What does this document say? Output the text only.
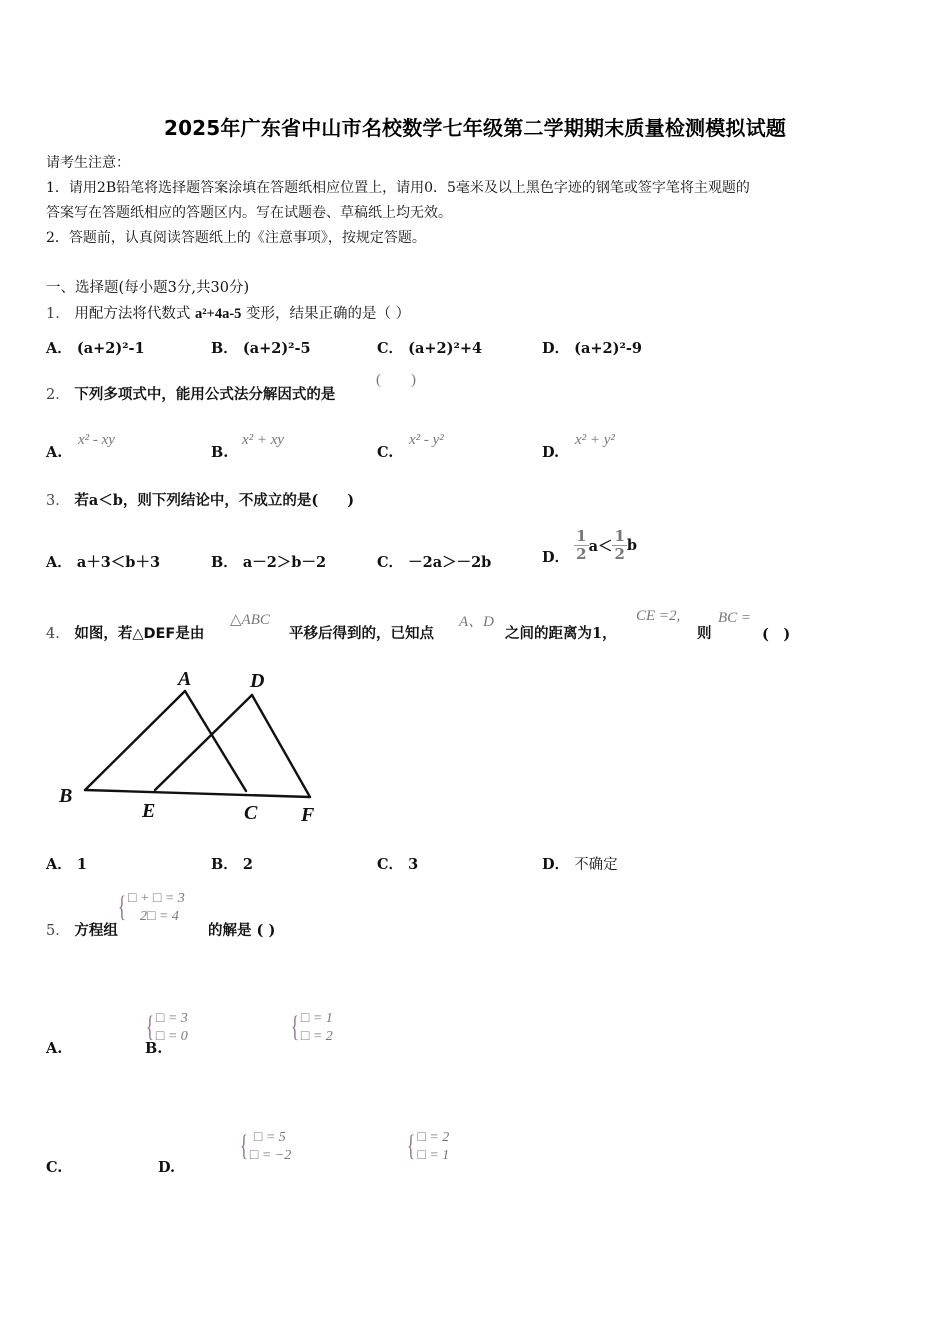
2025年广东省中山市名校数学七年级第二学期期末质量检测模拟试题
请考生注意：
1．请用2B铅笔将选择题答案涂填在答题纸相应位置上，请用0．5毫米及以上黑色字迹的钢笔或签字笔将主观题的
答案写在答题纸相应的答题区内。写在试题卷、草稿纸上均无效。
2．答题前，认真阅读答题纸上的《注意事项》，按规定答题。
一、选择题(每小题3分,共30分)
1． 用配方法将代数式 a²+4a-5 变形，结果正确的是（ ）
A． (a+2)²-1	B． (a+2)²-5	C． (a+2)²+4	D． (a+2)²-9
2． 下列多项式中，能用公式法分解因式的是
(　　)
A.
x² - xy
B.
x² + xy
C.
x² - y²
D.
x² + y²
3． 若a＜b，则下列结论中，不成立的是(　　)
A． a＋3＜b＋3	B． a－2＞b－2	C． －2a＞－2b	D． $\frac{1}{2} a< \frac{1}{2}$ b
4． 如图，若△DEF是由
△ABC
平移后得到的，已知点
A、D
之间的距离为1，
CE =2,
则
BC =
(　)
A
B
C
D
E	F
A． 1	B． 2	C． 3	D． 不确定
5． 方程组
{ □ + □ = 3
2□ = 4

的解是 ( )
A.
{ □ = 3
□ = 0

B.
{ □ = 1
□ = 2

C.
{ □ = 5
□ = −2

D.
{ □ = 2
□ = 1
